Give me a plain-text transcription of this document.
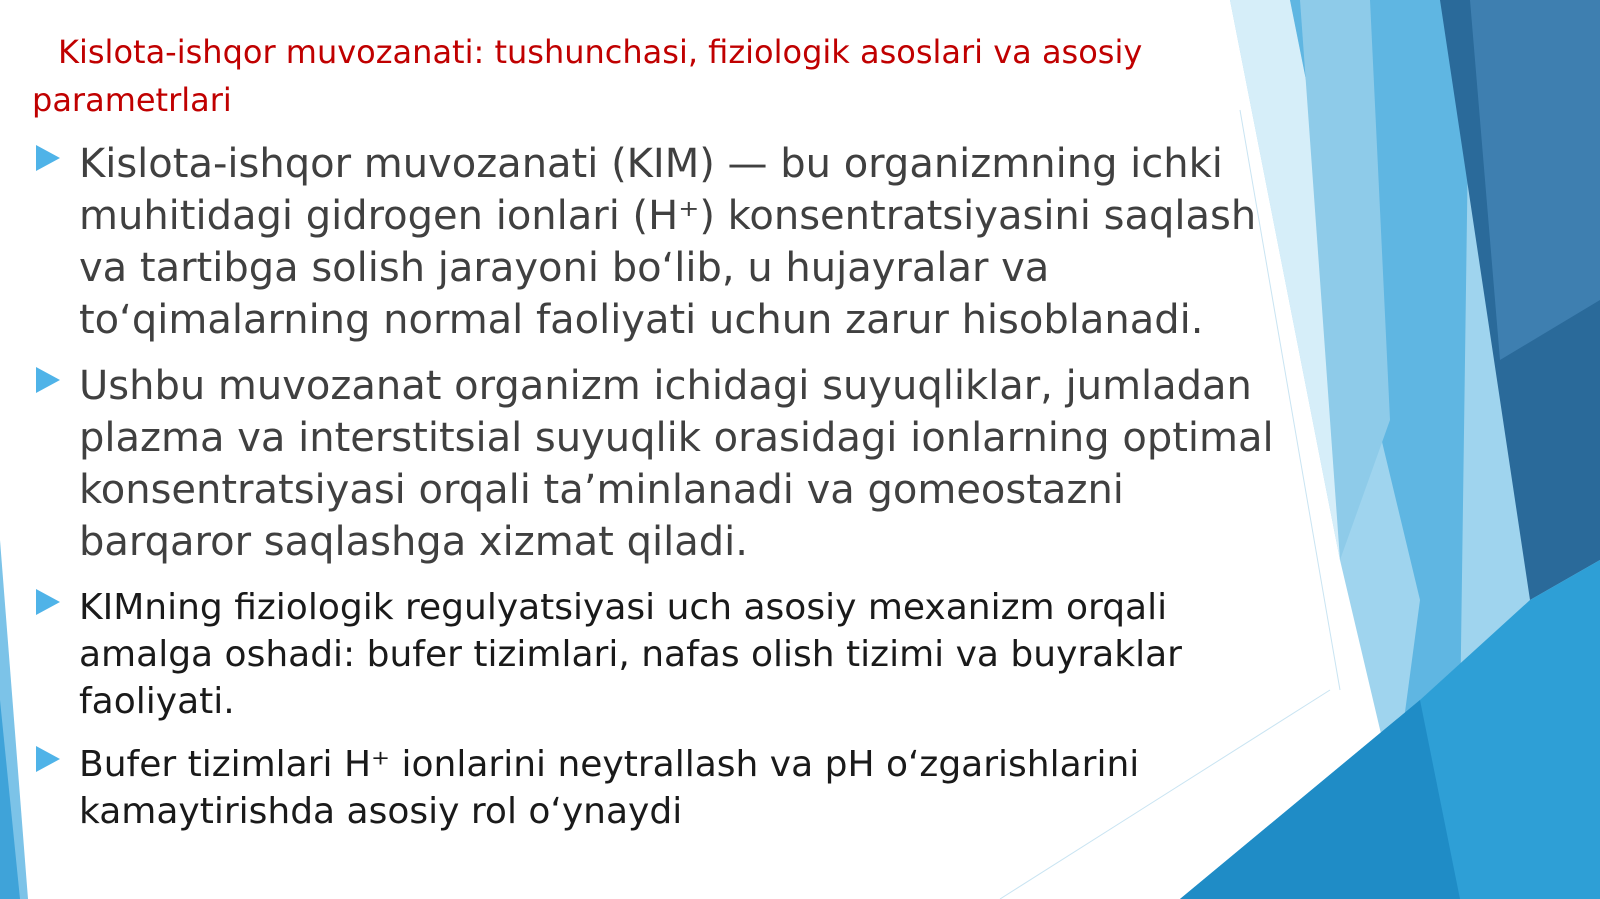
Kislota-ishqor muvozanati: tushunchasi, fiziologik asoslari va asosiy parametrlari
Kislota-ishqor muvozanati (KIM) — bu organizmning ichki muhitidagi gidrogen ionlari (H⁺) konsentratsiyasini saqlash va tartibga solish jarayoni bo‘lib, u hujayralar va to‘qimalarning normal faoliyati uchun zarur hisoblanadi.
Ushbu muvozanat organizm ichidagi suyuqliklar, jumladan plazma va interstitsial suyuqlik orasidagi ionlarning optimal konsentratsiyasi orqali ta’minlanadi va gomeostazni barqaror saqlashga xizmat qiladi.
KIMning fiziologik regulyatsiyasi uch asosiy mexanizm orqali amalga oshadi: bufer tizimlari, nafas olish tizimi va buyraklar faoliyati.
Bufer tizimlari H⁺ ionlarini neytrallash va pH o‘zgarishlarini kamaytirishda asosiy rol o‘ynaydi
